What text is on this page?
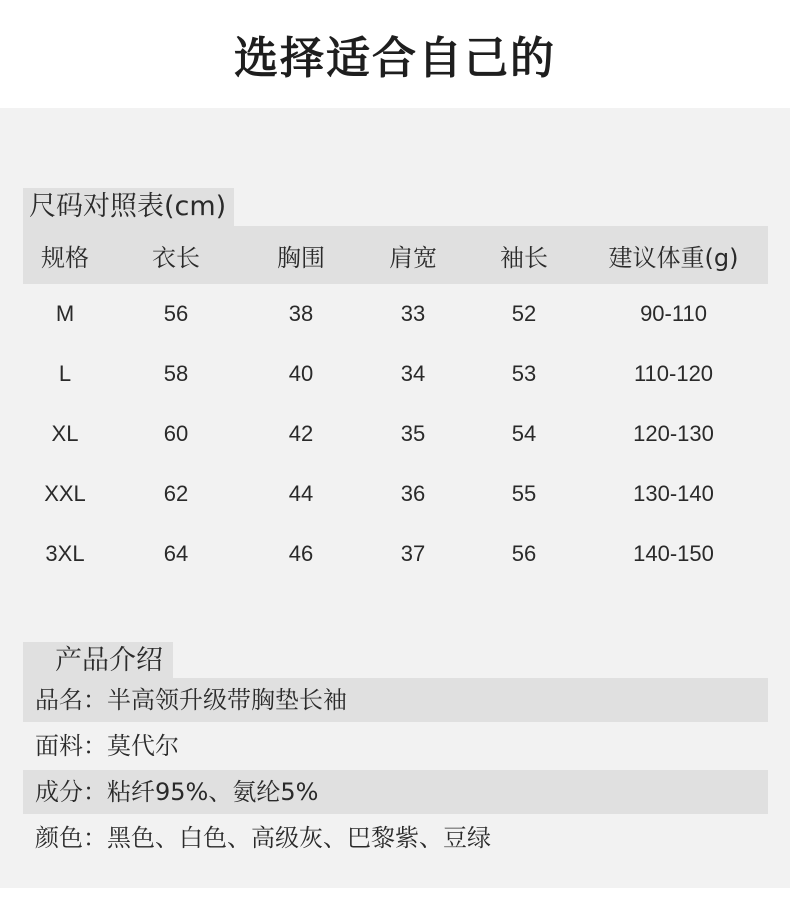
选择适合自己的
尺码对照表(cm)
规格	衣长	胸围	肩宽	袖长	建议体重(g)
M	56	38	33	52	90-110
L	58	40	34	53	110-120
XL	60	42	35	54	120-130
XXL	62	44	36	55	130-140
3XL	64	46	37	56	140-150
产品介绍
品名：半高领升级带胸垫长袖
面料：莫代尔
成分：粘纤95%、氨纶5%
颜色：黑色、白色、高级灰、巴黎紫、豆绿
